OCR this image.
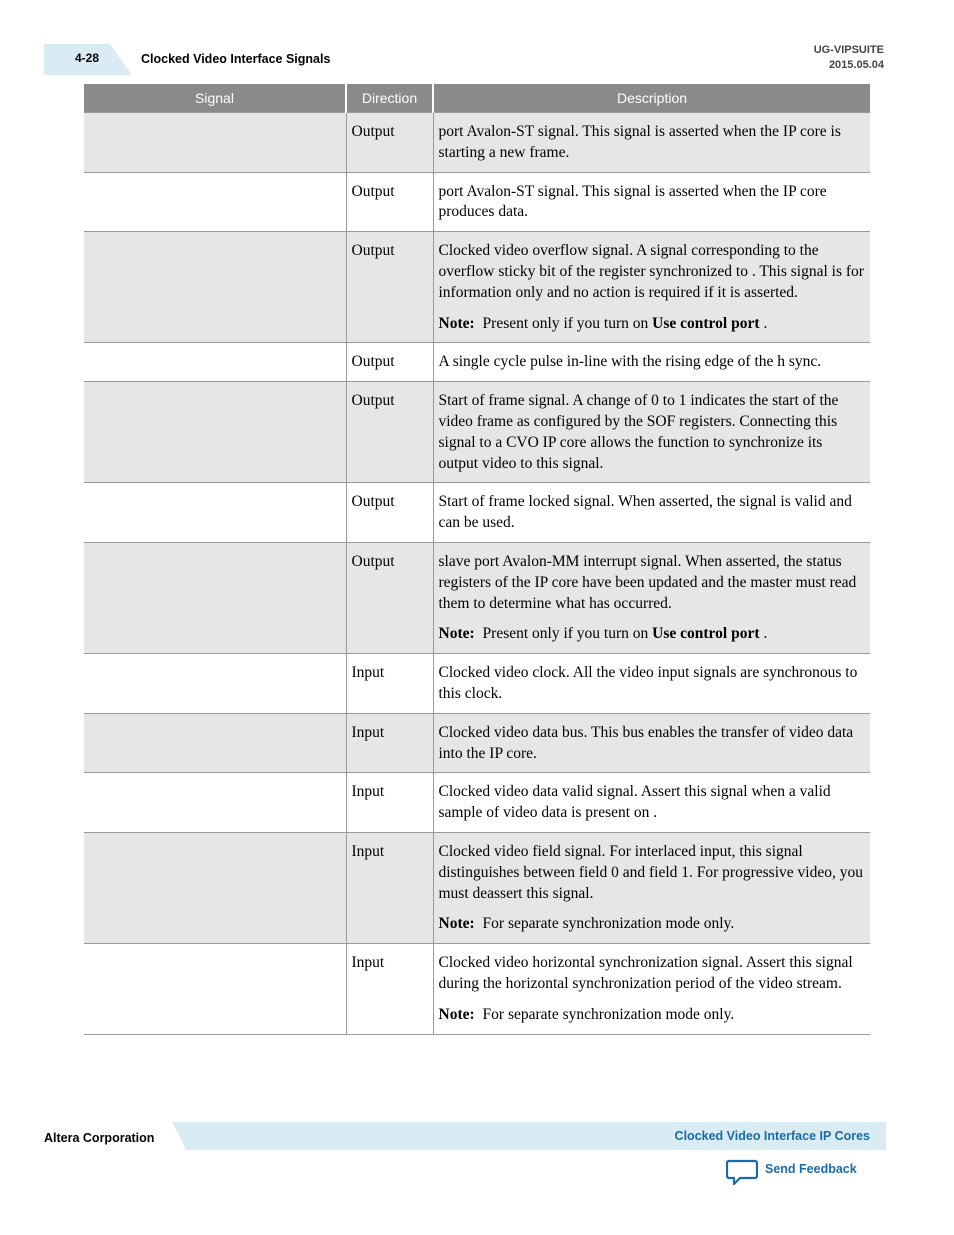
4-28	Clocked Video Interface Signals
UG-VIPSUITE
2015.05.04
Signal	Direction	Description
	Output	port Avalon-ST signal. This signal is asserted when the IP core is starting a new frame.

	Output	port Avalon-ST signal. This signal is asserted when the IP core produces data.

	Output	Clocked video overflow signal. A signal corresponding to the overflow sticky bit of the register synchronized to . This signal is for information only and no action is required if it is asserted.
Note: Present only if you turn on Use control port .

	Output	A single cycle pulse in-line with the rising edge of the h sync.

	Output	Start of frame signal. A change of 0 to 1 indicates the start of the video frame as configured by the SOF registers. Connecting this signal to a CVO IP core allows the function to synchronize its output video to this signal.

	Output	Start of frame locked signal. When asserted, the signal is valid and can be used.

	Output	slave port Avalon-MM interrupt signal. When asserted, the status registers of the IP core have been updated and the master must read them to determine what has occurred.
Note: Present only if you turn on Use control port .

	Input	Clocked video clock. All the video input signals are synchronous to this clock.

	Input	Clocked video data bus. This bus enables the transfer of video data into the IP core.

	Input	Clocked video data valid signal. Assert this signal when a valid sample of video data is present on .

	Input	Clocked video field signal. For interlaced input, this signal distinguishes between field 0 and field 1. For progressive video, you must deassert this signal.
Note: For separate synchronization mode only.

	Input	Clocked video horizontal synchronization signal. Assert this signal during the horizontal synchronization period of the video stream.
Note: For separate synchronization mode only.
Altera Corporation	Clocked Video Interface IP Cores
Send Feedback
